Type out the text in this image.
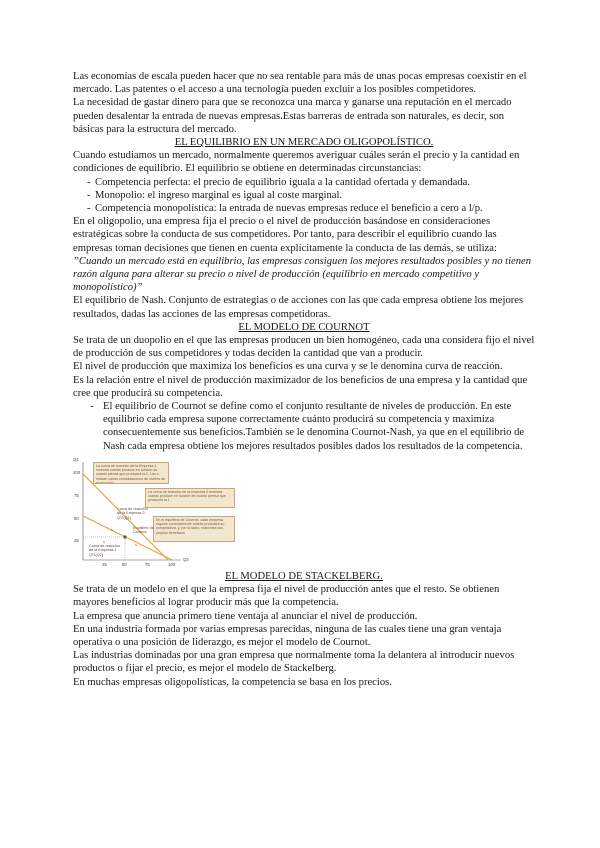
Las economías de escala pueden hacer que no sea rentable para más de unas pocas empresas coexistir en el mercado. Las patentes o el acceso a una tecnología pueden excluir a los posibles competidores.

La necesidad de gastar dinero para que se reconozca una marca y ganarse una reputación en el mercado pueden desalentar la entrada de nuevas empresas.Estas barreras de entrada son naturales, es decir, son básicas para la estructura del mercado.

EL EQUILIBRIO EN UN MERCADO OLIGOPOLÍSTICO.

Cuando estudiamos un mercado, normalmente queremos averiguar cuáles serán el precio y la cantidad en condiciones de equilibrio. El equilibrio se obtiene en determinadas circunstancias:

- Competencia perfecta: el precio de equilibrio iguala a la cantidad ofertada y demandada.
- Monopolio: el ingreso marginal es igual al coste marginal.
- Competencia monopolística: la entrada de nuevas empresas reduce el beneficio a cero a l/p.

En el oligopolio, una empresa fija el precio o el nivel de producción basándose en consideraciones estratégicas sobre la conducta de sus competidores. Por tanto, para describir el equilibrio cuando las empresas toman decisiones que tienen en cuenta explícitamente la conducta de las demás, se utiliza:

”Cuando un mercado está en equilibrio, las empresas consiguen los mejores resultados posibles y no tienen razón alguna para alterar su precio o nivel de producción (equilibrio en mercado competitivo y monopolístico)”

El equilibrio de Nash. Conjunto de estrategias o de acciones con las que cada empresa obtiene los mejores resultados, dadas las acciones de las empresas competidoras.

EL MODELO DE COURNOT

Se trata de un duopolio en el que las empresas producen un bien homogéneo, cada una considera fijo el nivel de producción de sus competidores y todas deciden la cantidad que van a producir.

El nivel de producción que maximiza los beneficios es una curva y se le denomina curva de reacción.

Es la relación entre el nivel de producción maximizador de los beneficios de una empresa y la cantidad que cree que producirá su competencia.

- El equilibrio de Cournot se define como el conjunto resultante de niveles de producción. En este equilibrio cada empresa supone correctamente cuánto producirá su competencia y maximiza consecuentemente sus beneficios.También se le denomina Cournot-Nash, ya que en el equilibrio de Nash cada empresa obtiene los mejores resultados posibles dados los resultados de la competencia.
x
x
x
Q1
Q2
100
75
50
25
25	50	75	100
La curva de reacción de la Empresa 1 muestra cuánto produce en función de cuánto piensa que producirá la 2. Las x indican varias combinaciones de niveles de producción
La curva de reacción de la empresa 2 muestra cuánto produce en función de cuánto piensa que producirá la 1
En el equilibrio de Cournot, cada empresa supone correctamente cuánto producirá su competidora, y, por lo tanto, maximiza sus propios beneficios
Curva de reacción de la Empresa 2 Q*2(Q1)
Equilibrio de Cournot
Curva de reacción de la Empresa 1 Q*1(Q2)

EL MODELO DE STACKELBERG.

Se trata de un modelo en el que la empresa fija el nivel de producción antes que el resto. Se obtienen mayores beneficios al lograr producir más que la competencia.

La empresa que anuncia primero tiene ventaja al anunciar el nivel de producción.

En una industria formada por varias empresas parecidas, ninguna de las cuales tiene una gran ventaja operativa o una posición de liderazgo, es mejor el modelo de Cournot.

Las industrias dominadas por una gran empresa que normalmente toma la delantera al introducir nuevos productos o fijar el precio, es mejor el modelo de Stackelberg.

En muchas empresas oligopolísticas, la competencia se basa en los precios.
